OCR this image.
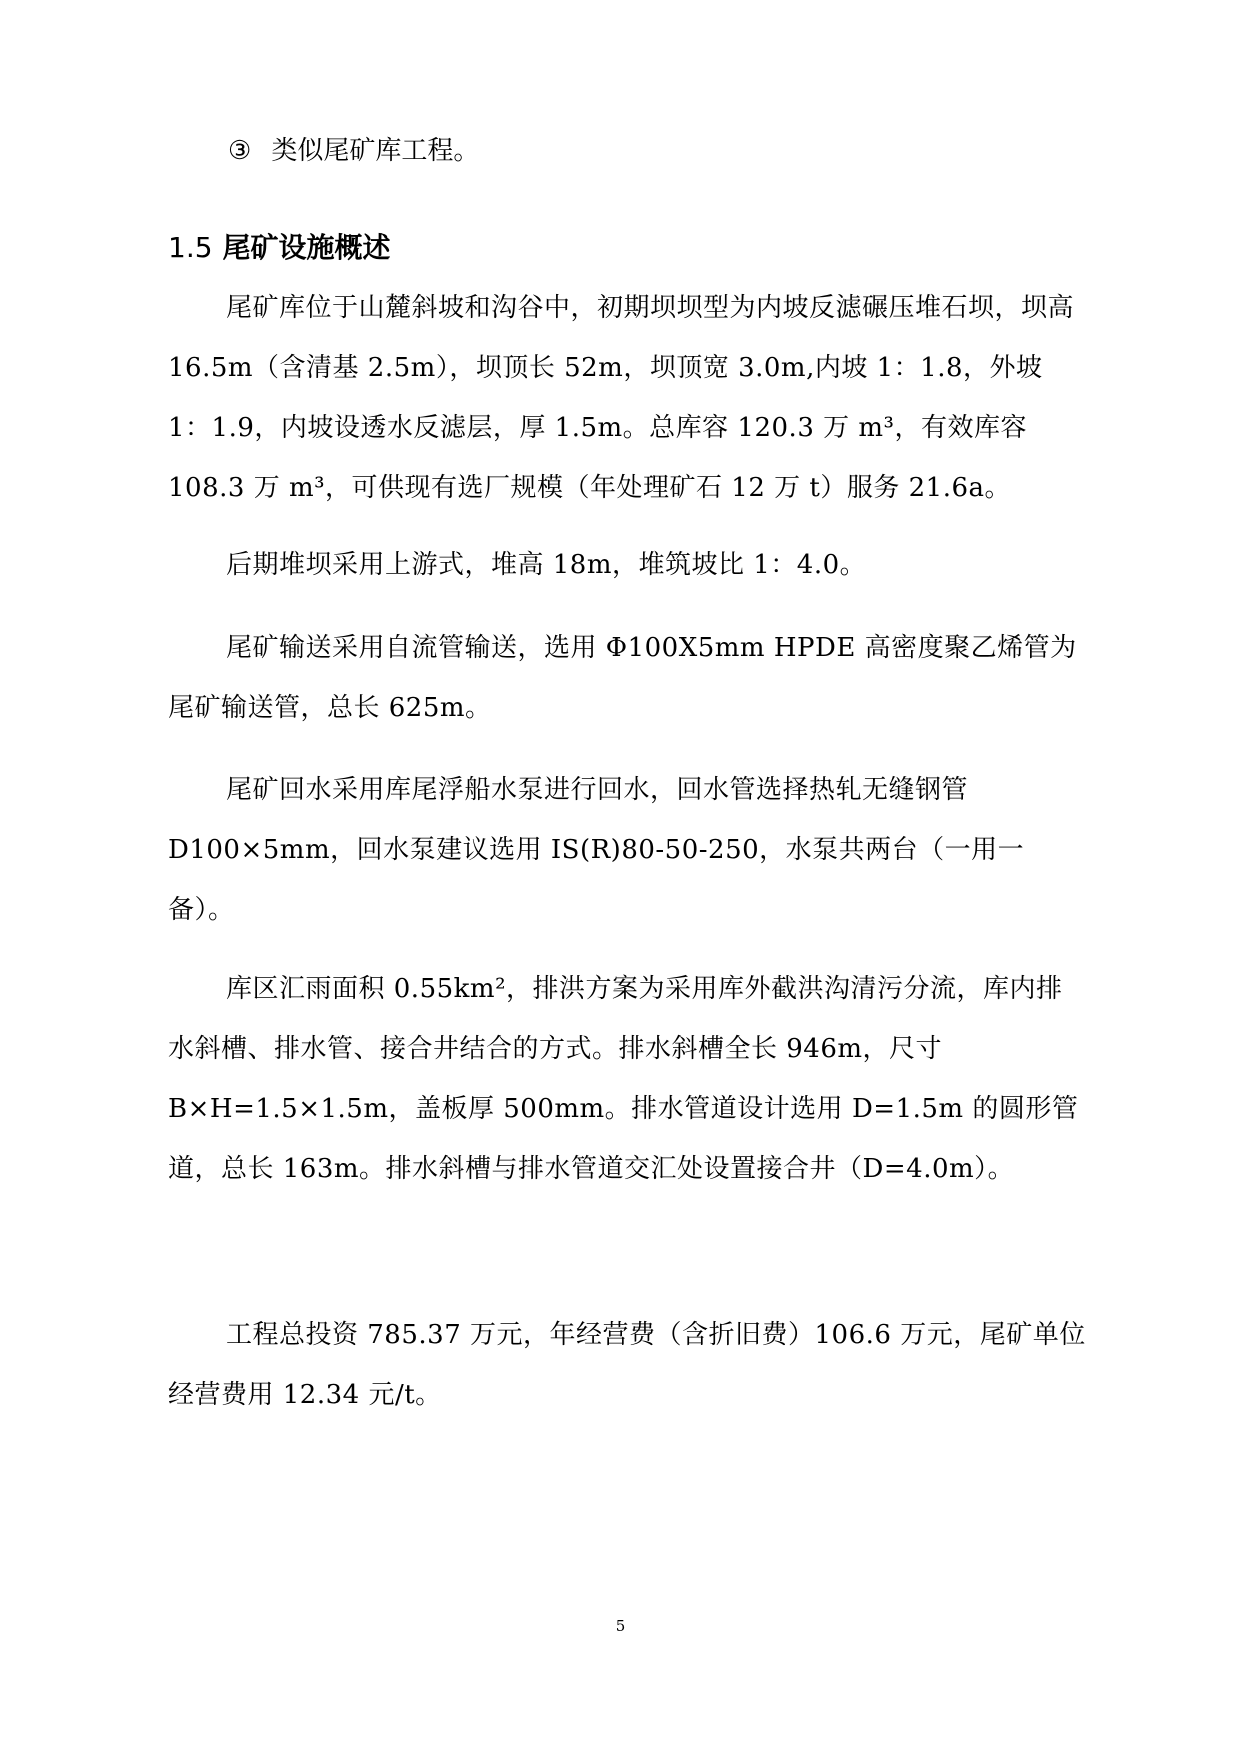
③ 类似尾矿库工程。
1.5 尾矿设施概述

尾矿库位于山麓斜坡和沟谷中，初期坝坝型为内坡反滤碾压堆石坝，坝高 16.5m（含清基 2.5m），坝顶长 52m，坝顶宽 3.0m,内坡 1：1.8，外坡 1：1.9，内坡设透水反滤层，厚 1.5m。总库容 120.3 万 m³，有效库容 108.3 万 m³，可供现有选厂规模（年处理矿石 12 万 t）服务 21.6a。

后期堆坝采用上游式，堆高 18m，堆筑坡比 1：4.0。

尾矿输送采用自流管输送，选用 Φ100X5mm HPDE 高密度聚乙烯管为尾矿输送管，总长 625m。

尾矿回水采用库尾浮船水泵进行回水，回水管选择热轧无缝钢管 D100×5mm，回水泵建议选用 IS(R)80-50-250，水泵共两台（一用一备）。

库区汇雨面积 0.55km²，排洪方案为采用库外截洪沟清污分流，库内排水斜槽、排水管、接合井结合的方式。排水斜槽全长 946m，尺寸 B×H=1.5×1.5m，盖板厚 500mm。排水管道设计选用 D=1.5m 的圆形管道，总长 163m。排水斜槽与排水管道交汇处设置接合井（D=4.0m）。

工程总投资 785.37 万元，年经营费（含折旧费）106.6 万元，尾矿单位经营费用 12.34 元/t。

5
